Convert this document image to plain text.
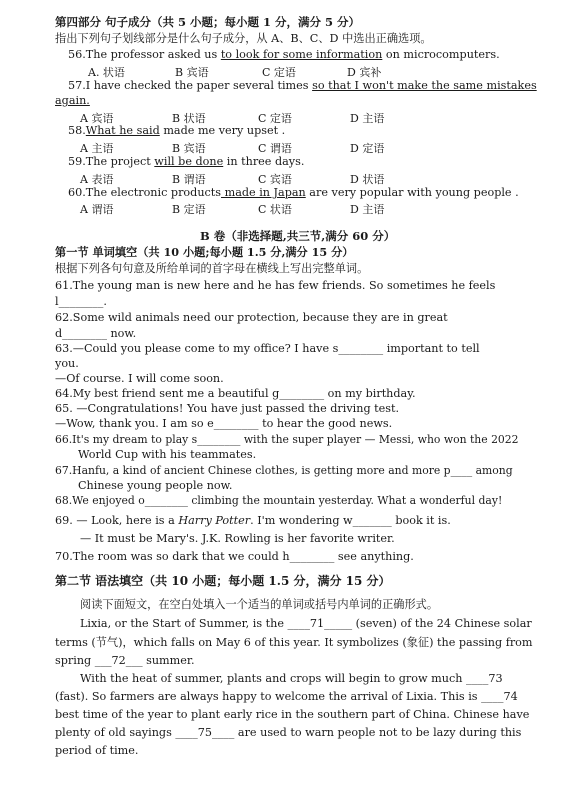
第四部分 句子成分（共 5 小题；每小题 1 分，满分 5 分）
指出下列句子划线部分是什么句子成分，从 A、B、C、D 中选出正确选项。
56.The professor asked us to look for some information on microcomputers.
A. 状语	B 宾语	C 定语	D 宾补
57.I have checked the paper several times so that I won't make the same mistakes
again.
A 宾语	B 状语	C 定语	D 主语
58.What he said made me very upset .
A 主语	B 宾语	C 谓语	D 定语
59.The project will be done in three days.
A 表语	B 谓语	C 宾语	D 状语
60.The electronic products made in Japan are very popular with young people .
A 谓语	B 定语	C 状语	D 主语
B 卷（非选择题,共三节,满分 60 分）
第一节 单词填空（共 10 小题;每小题 1.5 分,满分 15 分）
根据下列各句句意及所给单词的首字母在横线上写出完整单词。
61.The young man is new here and he has few friends. So sometimes he feels
l________.
62.Some wild animals need our protection, because they are in great
d________ now.
63.—Could you please come to my office? I have s________ important to tell
you.
—Of course. I will come soon.
64.My best friend sent me a beautiful g________ on my birthday.
65. —Congratulations! You have just passed the driving test.
—Wow, thank you. I am so e________ to hear the good news.
66.It's my dream to play s________ with the super player — Messi, who won the 2022
World Cup with his teammates.
67.Hanfu, a kind of ancient Chinese clothes, is getting more and more p____ among
Chinese young people now.
68.We enjoyed o________ climbing the mountain yesterday. What a wonderful day!
69. — Look, here is a Harry Potter. I'm wondering w_______ book it is.
— It must be Mary's. J.K. Rowling is her favorite writer.
70.The room was so dark that we could h________ see anything.
第二节 语法填空（共 10 小题；每小题 1.5 分，满分 15 分）
阅读下面短文，在空白处填入一个适当的单词或括号内单词的正确形式。
Lixia, or the Start of Summer, is the ____71_____ (seven) of the 24 Chinese solar
terms (节气)，which falls on May 6 of this year. It symbolizes (象征) the passing from
spring ___72___ summer.
With the heat of summer, plants and crops will begin to grow much ____73
(fast). So farmers are always happy to welcome the arrival of Lixia. This is ____74
best time of the year to plant early rice in the southern part of China. Chinese have
plenty of old sayings ____75____ are used to warn people not to be lazy during this
period of time.
